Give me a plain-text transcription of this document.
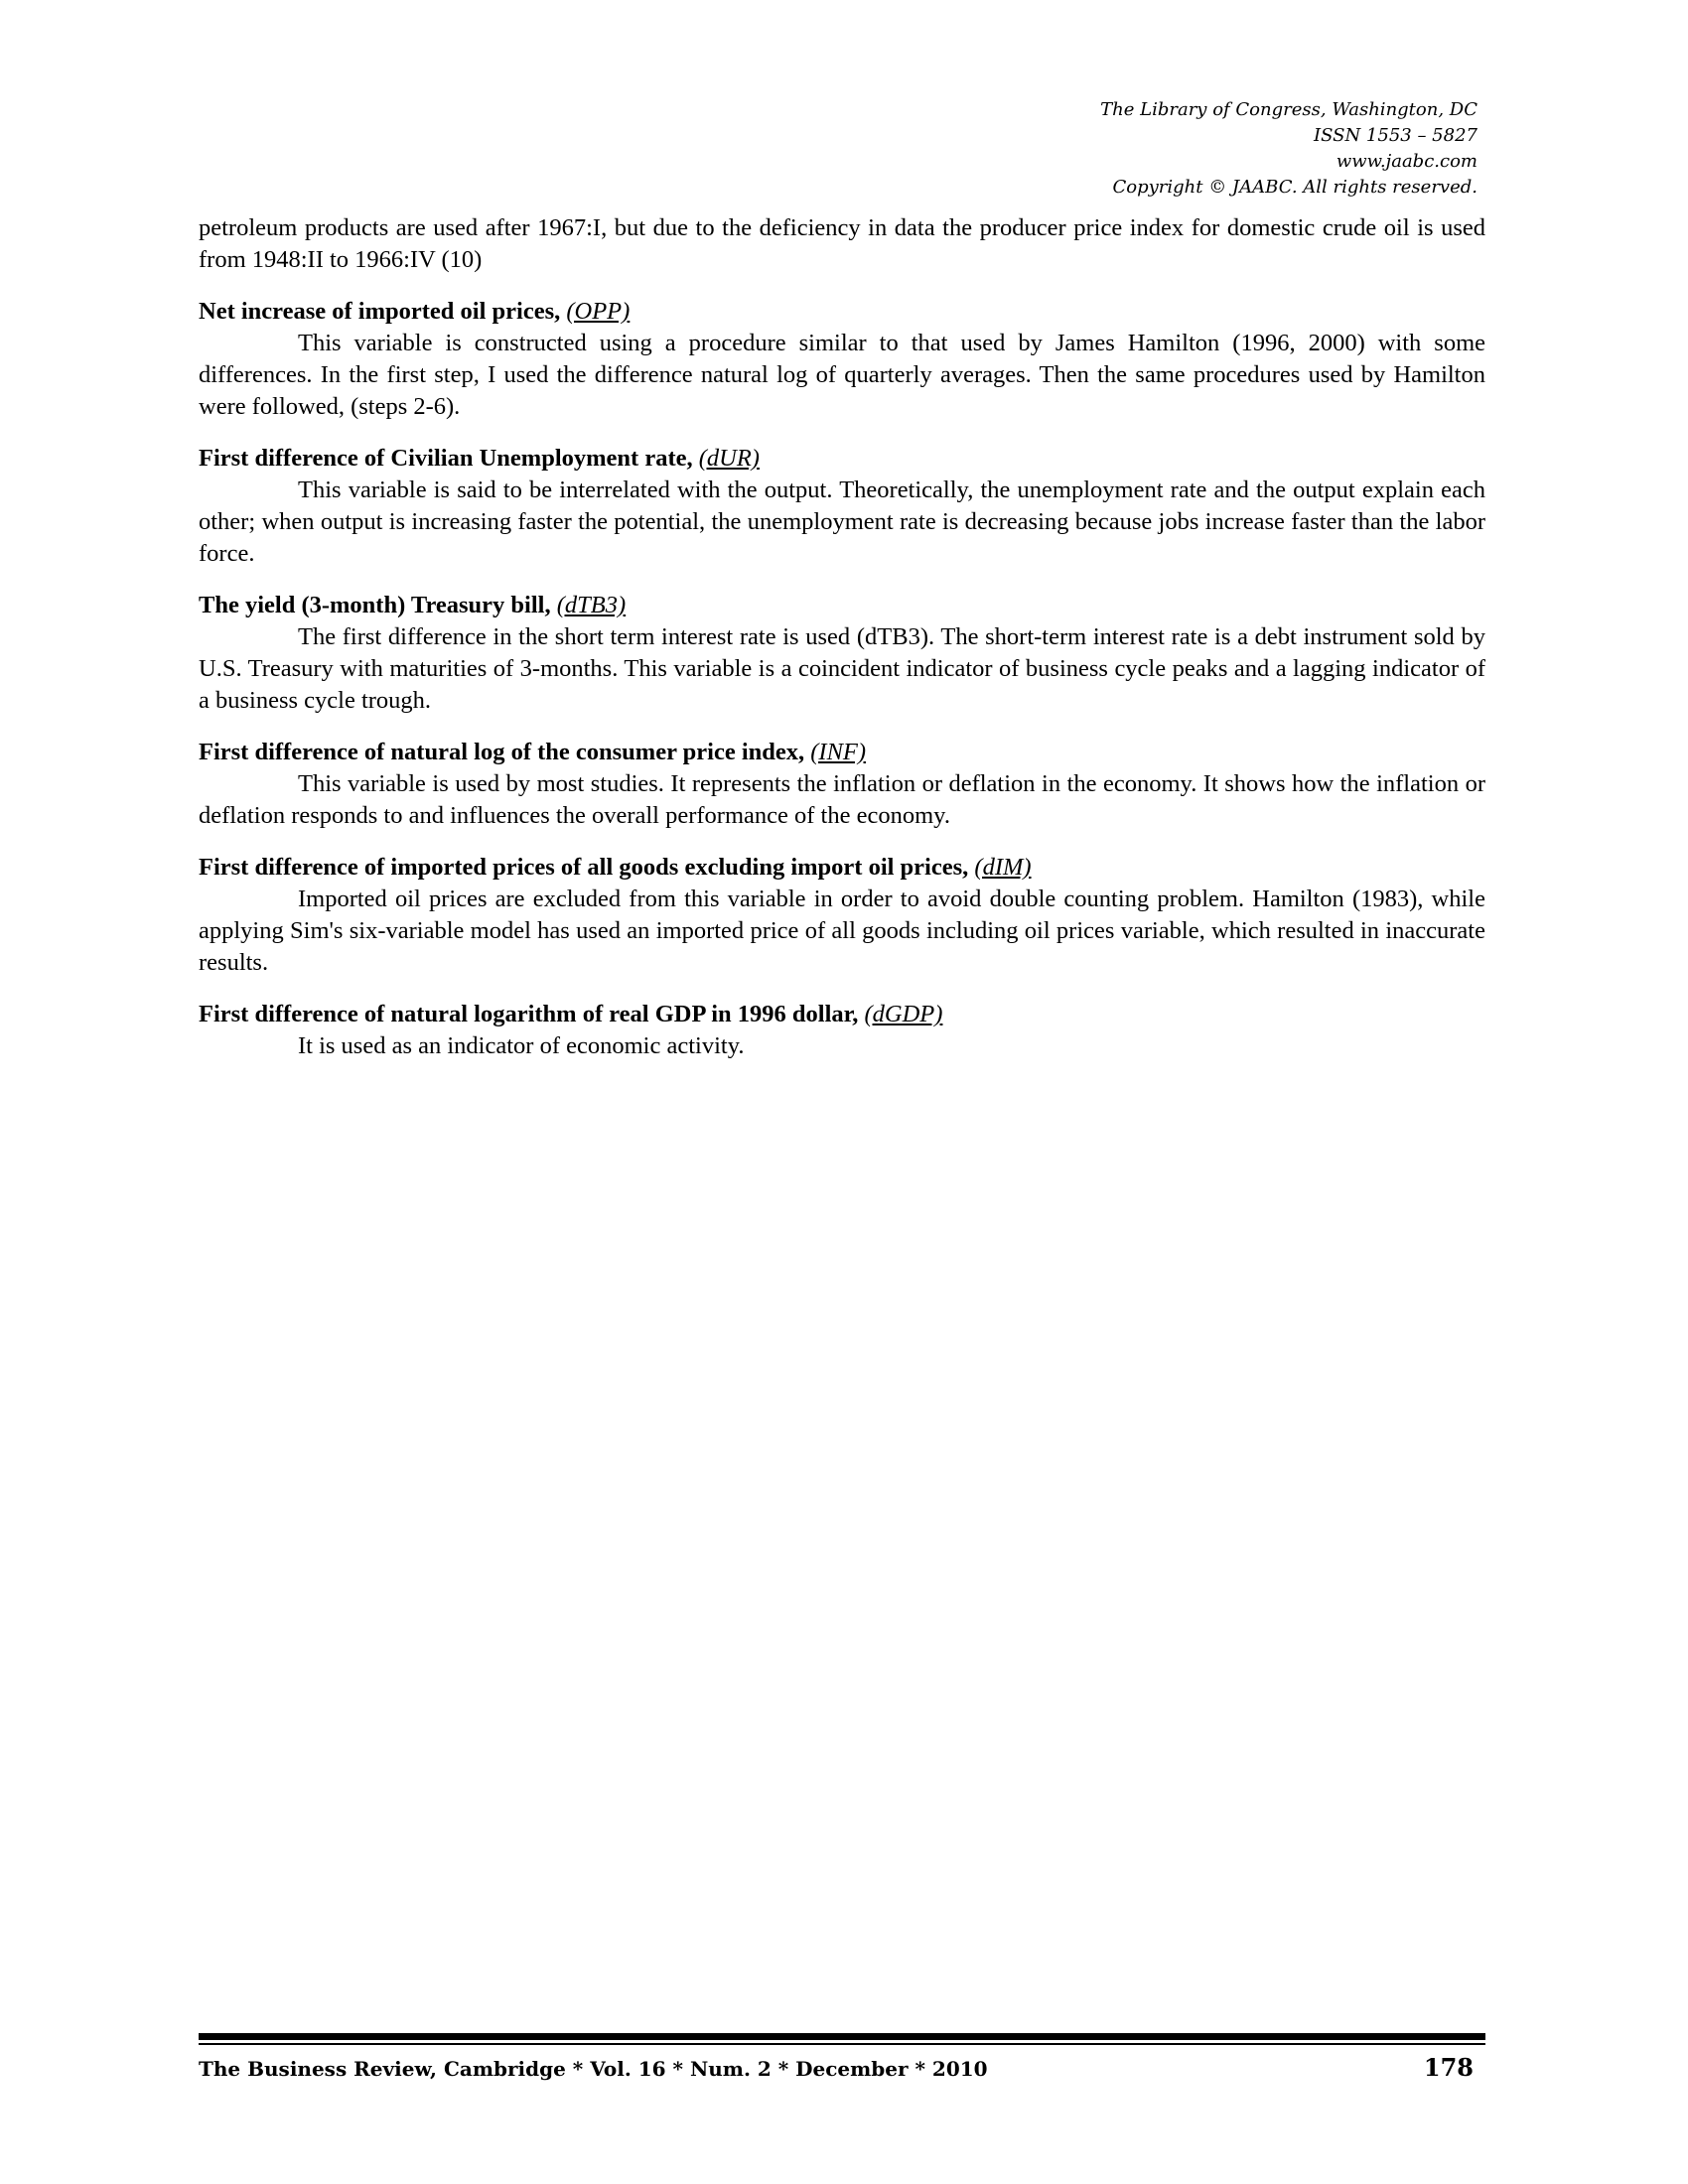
The Library of Congress, Washington, DC
ISSN 1553 – 5827
www.jaabc.com
Copyright © JAABC. All rights reserved.

petroleum products are used after 1967:I, but due to the deficiency in data the producer price index for domestic crude oil is used from 1948:II to 1966:IV (10)

Net increase of imported oil prices, (OPP)

This variable is constructed using a procedure similar to that used by James Hamilton (1996, 2000) with some differences. In the first step, I used the difference natural log of quarterly averages. Then the same procedures used by Hamilton were followed, (steps 2-6).

First difference of Civilian Unemployment rate, (dUR)

This variable is said to be interrelated with the output. Theoretically, the unemployment rate and the output explain each other; when output is increasing faster the potential, the unemployment rate is decreasing because jobs increase faster than the labor force.

The yield (3-month) Treasury bill, (dTB3)

The first difference in the short term interest rate is used (dTB3). The short-term interest rate is a debt instrument sold by U.S. Treasury with maturities of 3-months. This variable is a coincident indicator of business cycle peaks and a lagging indicator of a business cycle trough.

First difference of natural log of the consumer price index, (INF)

This variable is used by most studies. It represents the inflation or deflation in the economy. It shows how the inflation or deflation responds to and influences the overall performance of the economy.

First difference of imported prices of all goods excluding import oil prices, (dIM)

Imported oil prices are excluded from this variable in order to avoid double counting problem. Hamilton (1983), while applying Sim's six-variable model has used an imported price of all goods including oil prices variable, which resulted in inaccurate results.

First difference of natural logarithm of real GDP in 1996 dollar, (dGDP)

It is used as an indicator of economic activity.

The Business Review, Cambridge * Vol. 16 * Num. 2 * December * 2010	178
